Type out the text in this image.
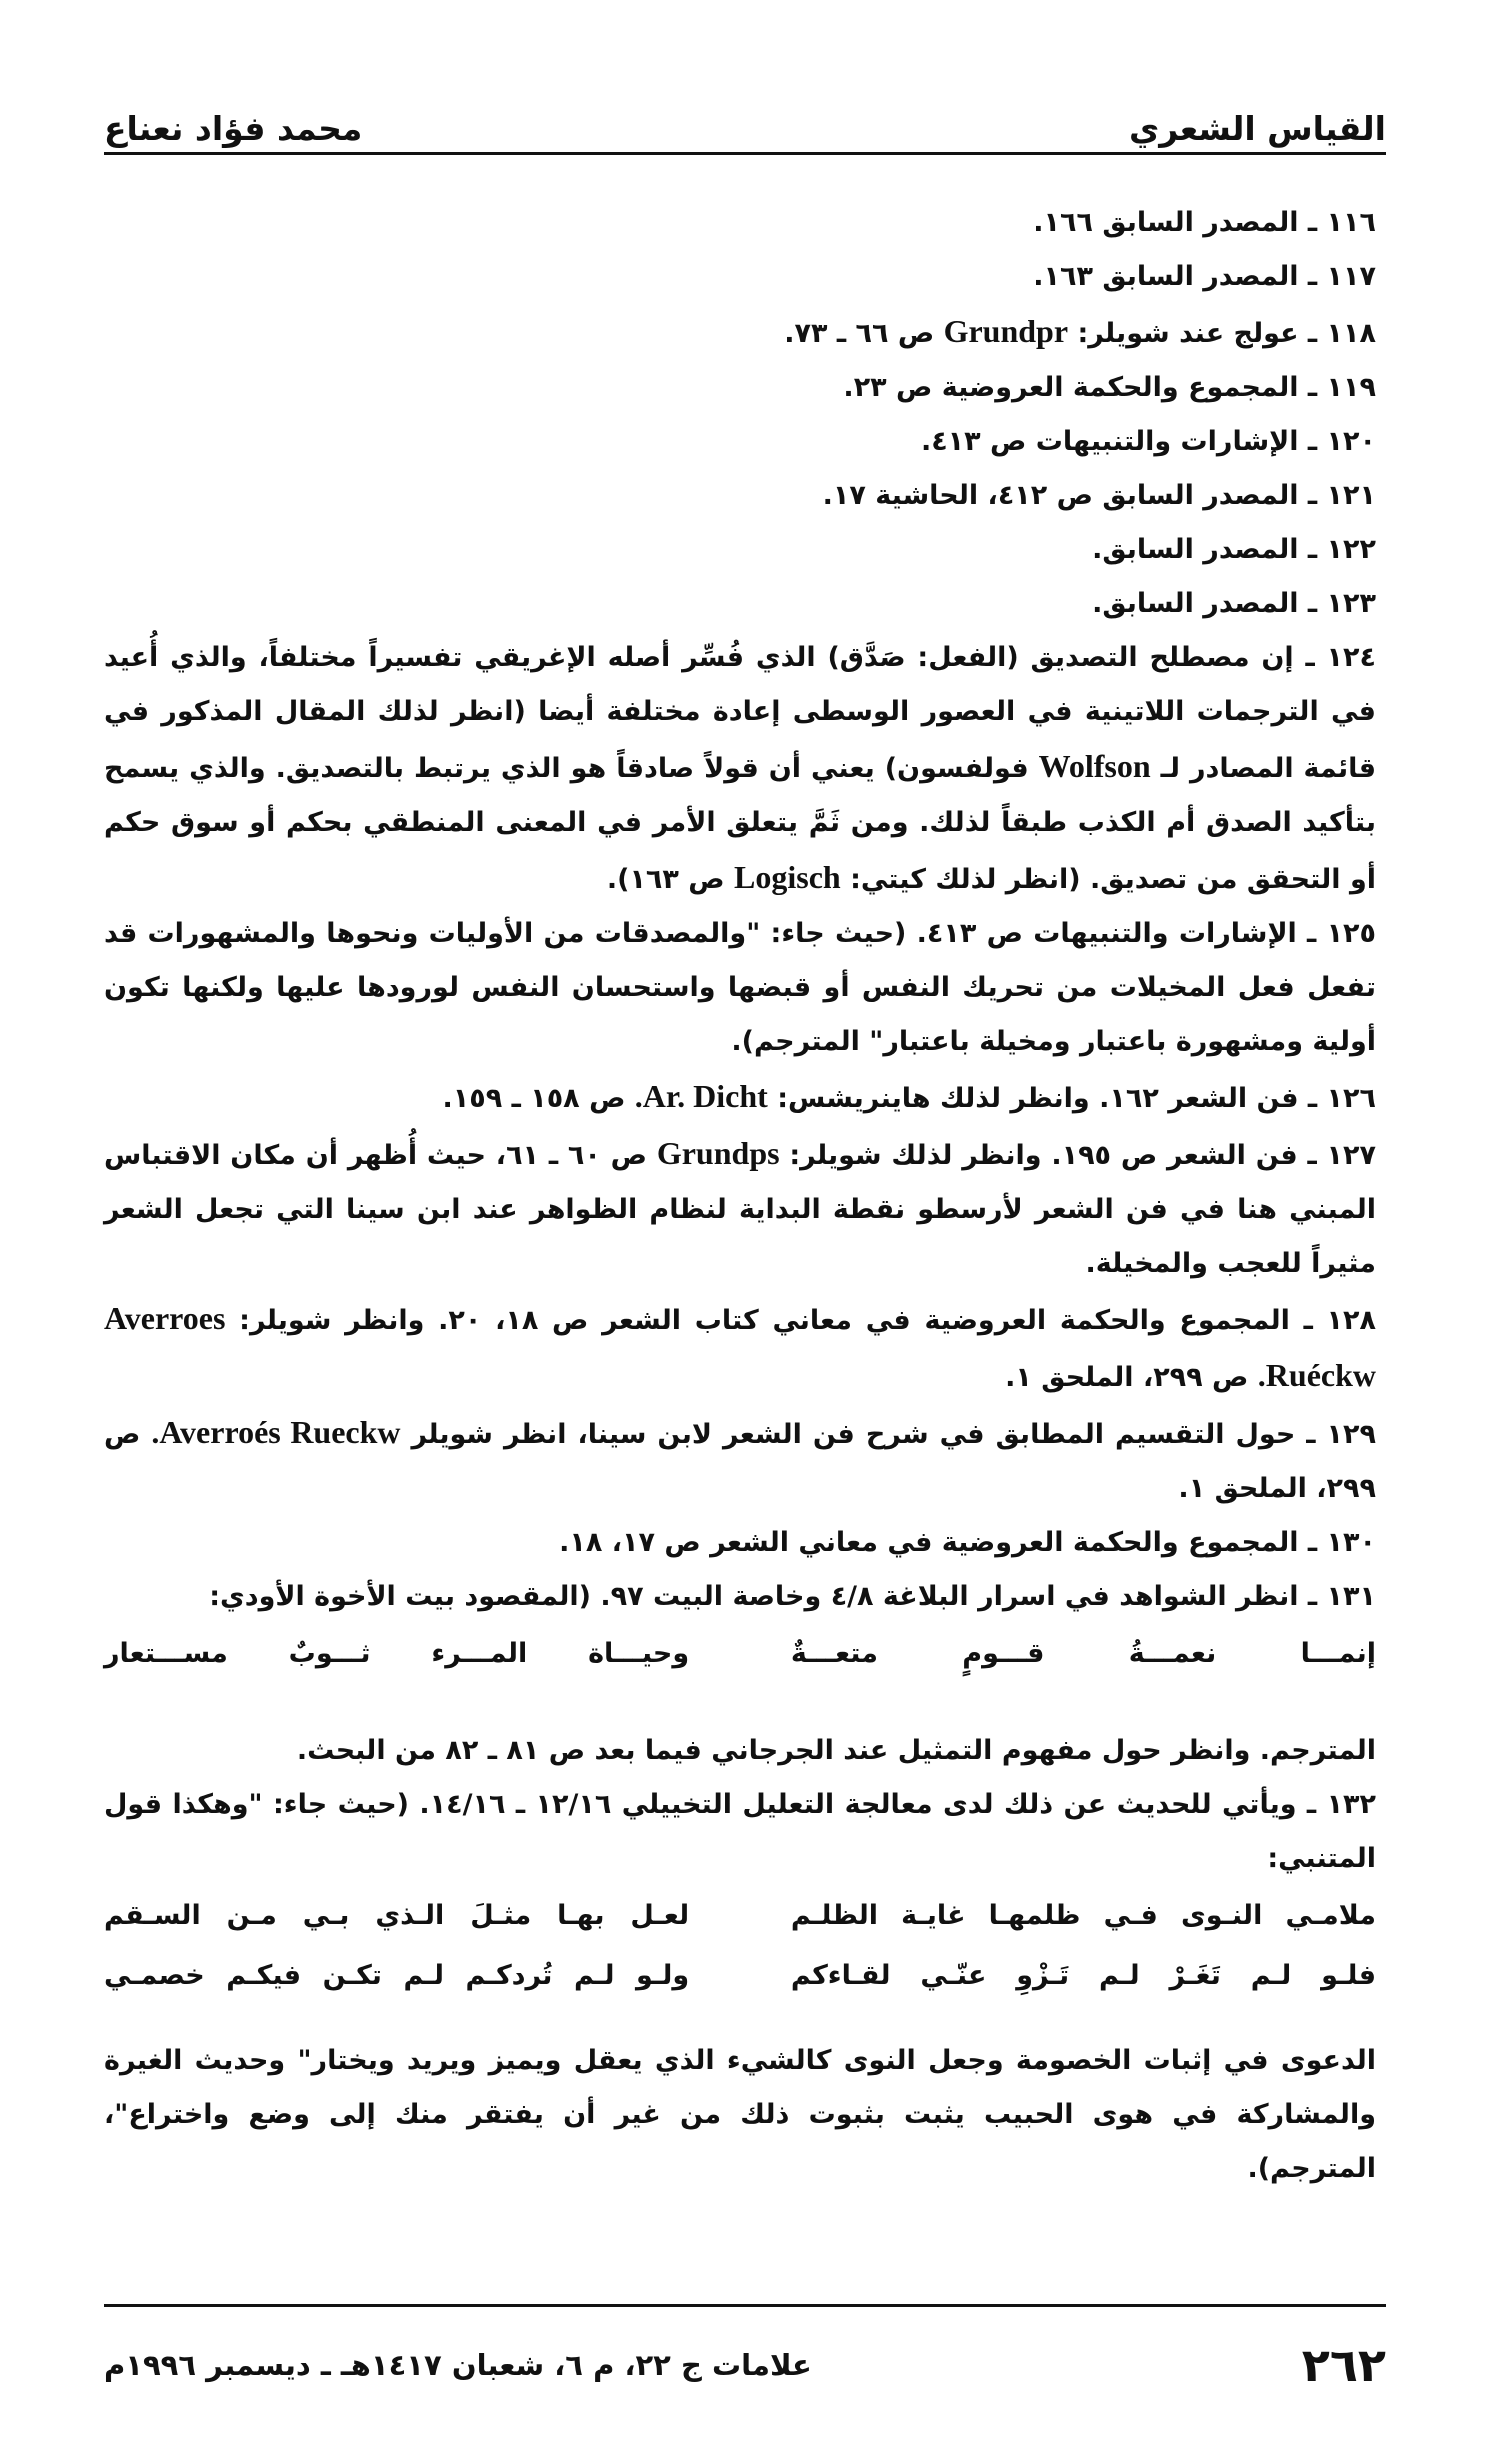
القياس الشعري
محمد فؤاد نعناع
١١٦ ـ المصدر السابق ١٦٦.
١١٧ ـ المصدر السابق ١٦٣.
١١٨ ـ عولج عند شويلر: Grundpr ص ٦٦ ـ ٧٣.
١١٩ ـ المجموع والحكمة العروضية ص ٢٣.
١٢٠ ـ الإشارات والتنبيهات ص ٤١٣.
١٢١ ـ المصدر السابق ص ٤١٢، الحاشية ١٧.
١٢٢ ـ المصدر السابق.
١٢٣ ـ المصدر السابق.
١٢٤ ـ إن مصطلح التصديق (الفعل: صَدَّق) الذي فُسِّر أصله الإغريقي تفسيراً مختلفاً، والذي أُعيد في الترجمات اللاتينية في العصور الوسطى إعادة مختلفة أيضا (انظر لذلك المقال المذكور في قائمة المصادر لـ Wolfson فولفسون) يعني أن قولاً صادقاً هو الذي يرتبط بالتصديق. والذي يسمح بتأكيد الصدق أم الكذب طبقاً لذلك. ومن ثَمَّ يتعلق الأمر في المعنى المنطقي بحكم أو سوق حكم أو التحقق من تصديق. (انظر لذلك كيتي: Logisch ص ١٦٣).
١٢٥ ـ الإشارات والتنبيهات ص ٤١٣. (حيث جاء: "والمصدقات من الأوليات ونحوها والمشهورات قد تفعل فعل المخيلات من تحريك النفس أو قبضها واستحسان النفس لورودها عليها ولكنها تكون أولية ومشهورة باعتبار ومخيلة باعتبار" المترجم).
١٢٦ ـ فن الشعر ١٦٢. وانظر لذلك هاينريشس: Ar. Dicht. ص ١٥٨ ـ ١٥٩.
١٢٧ ـ فن الشعر ص ١٩٥. وانظر لذلك شويلر: Grundps ص ٦٠ ـ ٦١، حيث أُظهر أن مكان الاقتباس المبني هنا في فن الشعر لأرسطو نقطة البداية لنظام الظواهر عند ابن سينا التي تجعل الشعر مثيراً للعجب والمخيلة.
١٢٨ ـ المجموع والحكمة العروضية في معاني كتاب الشعر ص ١٨، ٢٠. وانظر شويلر: Averroes Ruéckw. ص ٢٩٩، الملحق ١.
١٢٩ ـ حول التقسيم المطابق في شرح فن الشعر لابن سينا، انظر شويلر Averroés Rueckw. ص ٢٩٩، الملحق ١.
١٣٠ ـ المجموع والحكمة العروضية في معاني الشعر ص ١٧، ١٨.
١٣١ ـ انظر الشواهد في اسرار البلاغة ٤/٨ وخاصة البيت ٩٧. (المقصود بيت الأخوة الأودي:
إنمـــا نعمـــةُ قـــومٍ متعـــةٌ
وحيـــاة المـــرء ثـــوبٌ مســـتعار
المترجم. وانظر حول مفهوم التمثيل عند الجرجاني فيما بعد ص ٨١ ـ ٨٢ من البحث.
١٣٢ ـ ويأتي للحديث عن ذلك لدى معالجة التعليل التخييلي ١٢/١٦ ـ ١٤/١٦. (حيث جاء: "وهكذا قول المتنبي:
ملامـي النـوى فـي ظلمهـا غايـة الظلـم
لعـل بهـا مثـلَ الـذي بـي مـن السـقم
فلـو لـم تَغَـرْ لـم تَـزْوِ عنّـي لقـاءكم
ولـو لـم تُردكـم لـم تكـن فيكـم خصمـي
الدعوى في إثبات الخصومة وجعل النوى كالشيء الذي يعقل ويميز ويريد ويختار" وحديث الغيرة والمشاركة في هوى الحبيب يثبت بثبوت ذلك من غير أن يفتقر منك إلى وضع واختراع"، المترجم).
٢٦٢
علامات ج ٢٢، م ٦، شعبان ١٤١٧هـ ـ ديسمبر ١٩٩٦م
